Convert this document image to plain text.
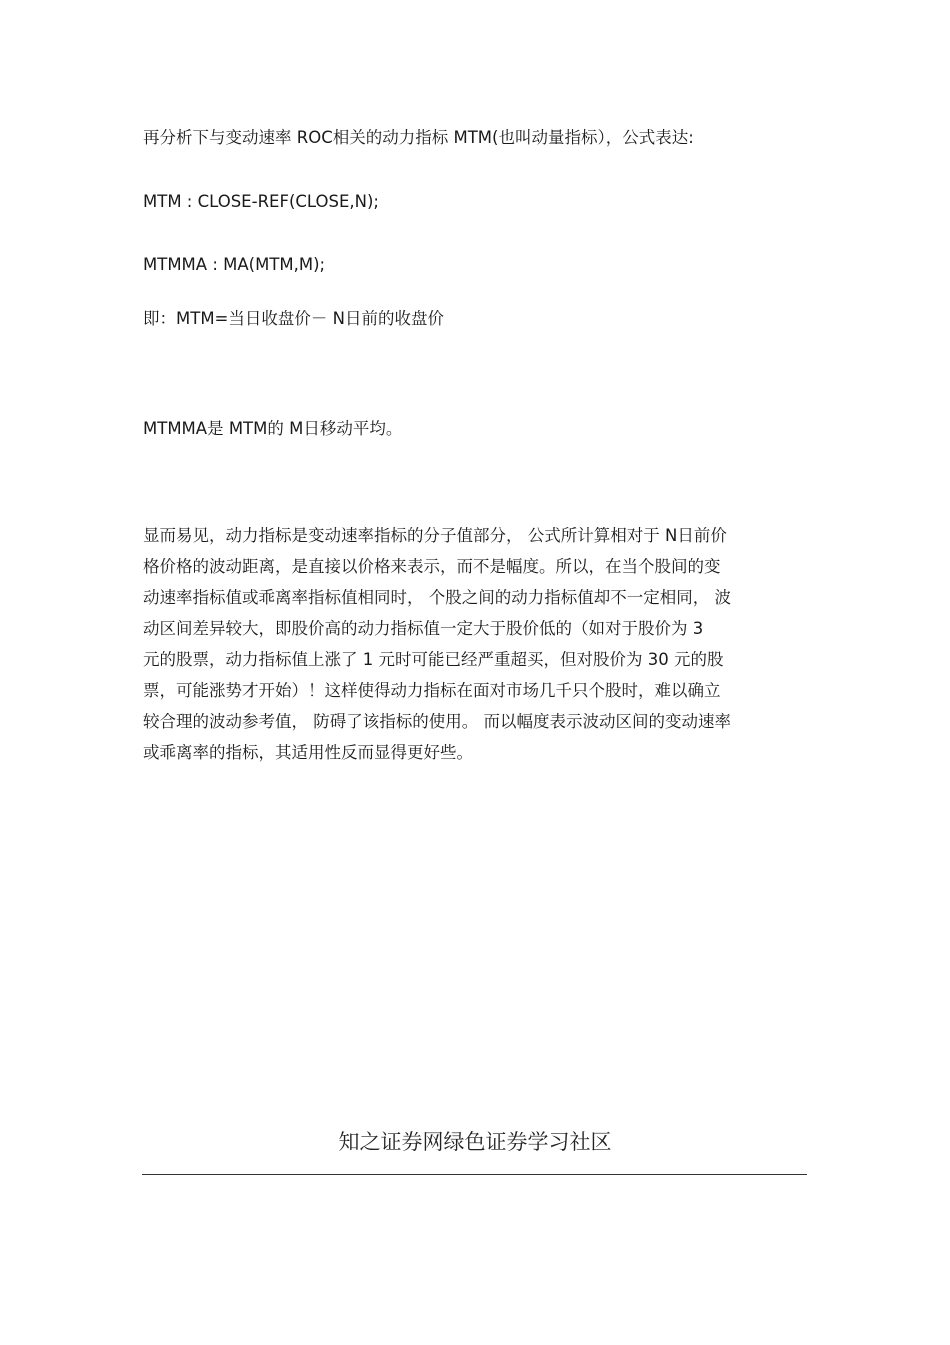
再分析下与变动速率 ROC相关的动力指标 MTM(也叫动量指标），公式表达:
MTM : CLOSE-REF(CLOSE,N);
MTMMA : MA(MTM,M);
即：MTM=当日收盘价－ N日前的收盘价
MTMMA是 MTM的 M日移动平均。
显而易见，动力指标是变动速率指标的分子值部分， 公式所计算相对于 N日前价
格价格的波动距离，是直接以价格来表示，而不是幅度。所以，在当个股间的变
动速率指标值或乖离率指标值相同时， 个股之间的动力指标值却不一定相同， 波
动区间差异较大，即股价高的动力指标值一定大于股价低的（如对于股价为 3
元的股票，动力指标值上涨了 1 元时可能已经严重超买，但对股价为 30 元的股
票，可能涨势才开始）！这样使得动力指标在面对市场几千只个股时，难以确立
较合理的波动参考值， 防碍了该指标的使用。 而以幅度表示波动区间的变动速率
或乖离率的指标，其适用性反而显得更好些。
知之证券网绿色证券学习社区
